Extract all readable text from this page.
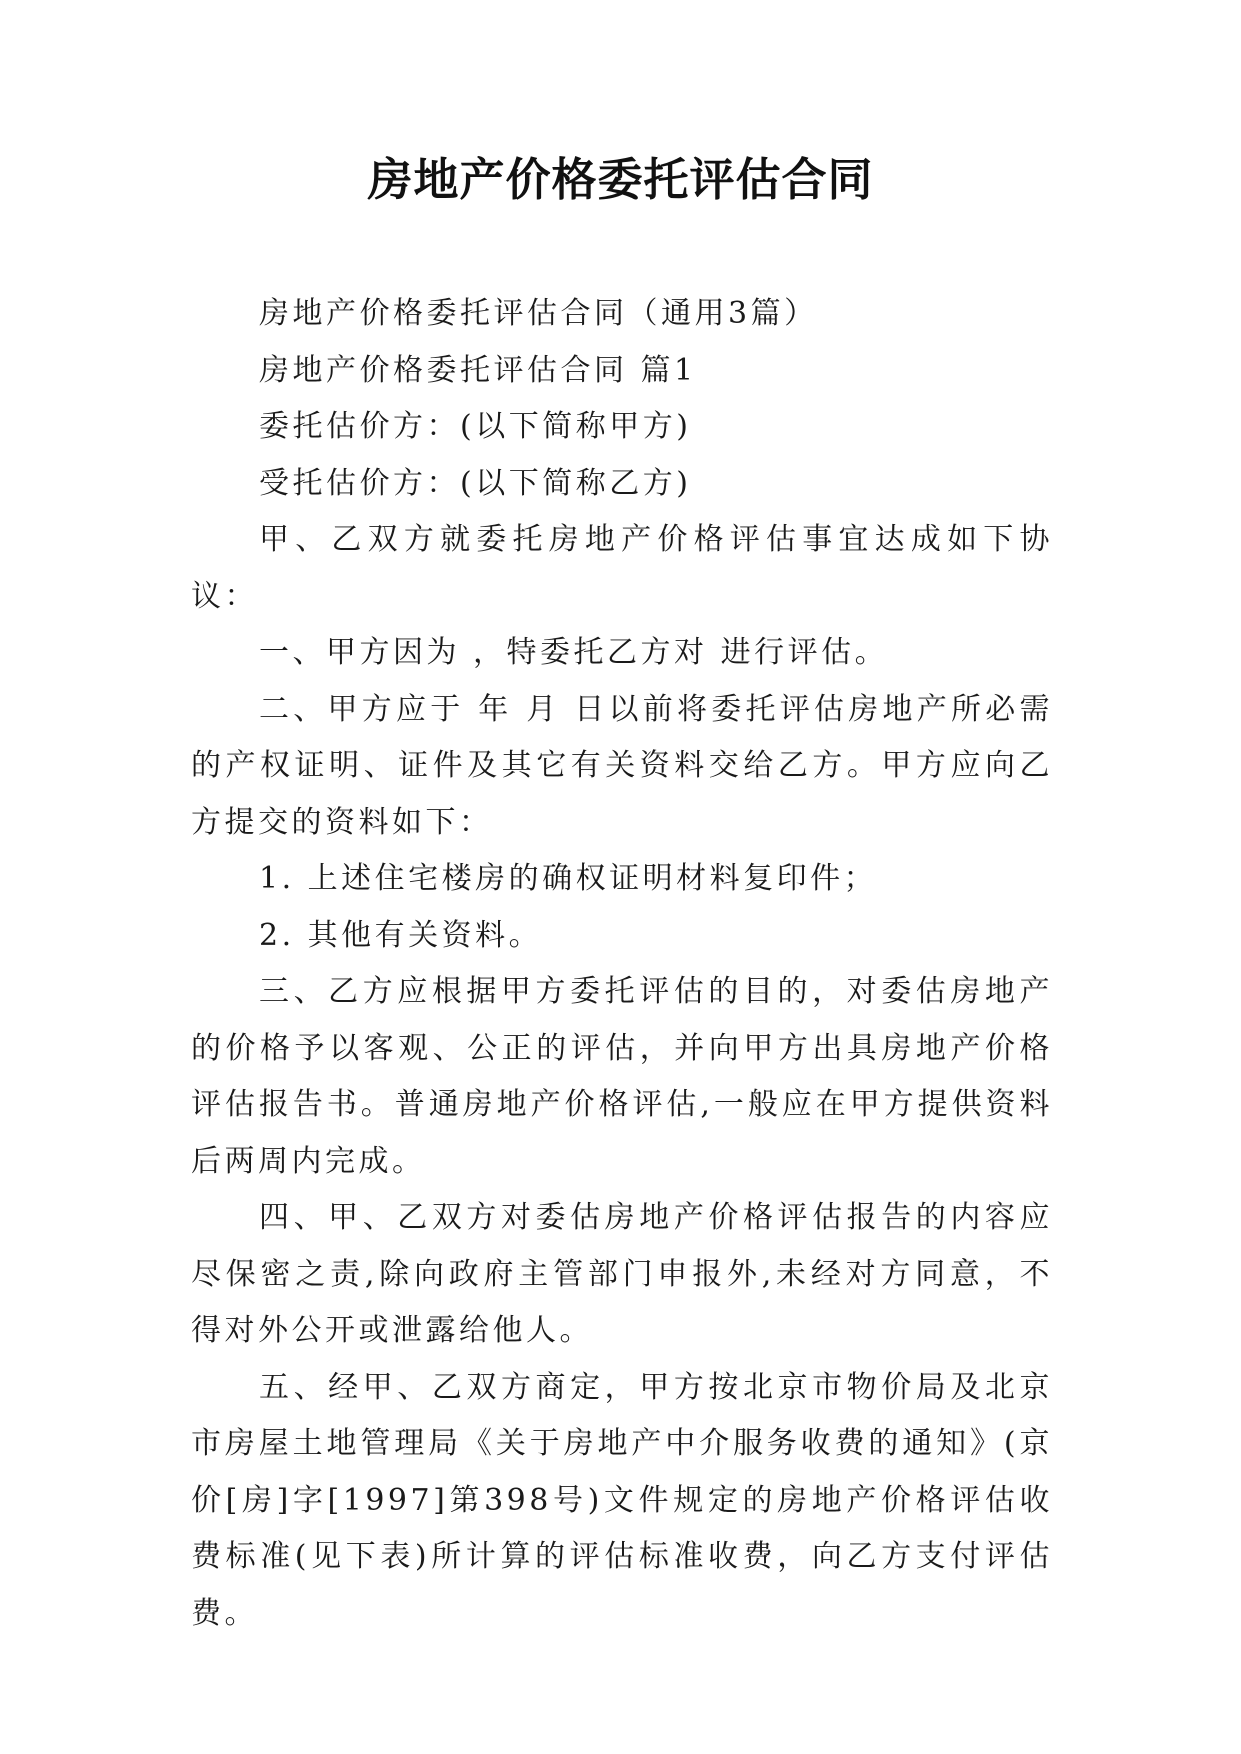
房地产价格委托评估合同

房地产价格委托评估合同（通用3篇）

房地产价格委托评估合同 篇1

委托估价方：(以下简称甲方)

受托估价方：(以下简称乙方)

甲、乙双方就委托房地产价格评估事宜达成如下协议：

一、甲方因为 ，特委托乙方对 进行评估。

二、甲方应于 年 月 日以前将委托评估房地产所必需的产权证明、证件及其它有关资料交给乙方。甲方应向乙方提交的资料如下：

1. 上述住宅楼房的确权证明材料复印件；

2. 其他有关资料。

三、乙方应根据甲方委托评估的目的，对委估房地产的价格予以客观、公正的评估，并向甲方出具房地产价格评估报告书。普通房地产价格评估,一般应在甲方提供资料后两周内完成。

四、甲、乙双方对委估房地产价格评估报告的内容应尽保密之责,除向政府主管部门申报外,未经对方同意，不得对外公开或泄露给他人。

五、经甲、乙双方商定，甲方按北京市物价局及北京市房屋土地管理局《关于房地产中介服务收费的通知》(京价[房]字[1997]第398号)文件规定的房地产价格评估收费标准(见下表)所计算的评估标准收费，向乙方支付评估费。
